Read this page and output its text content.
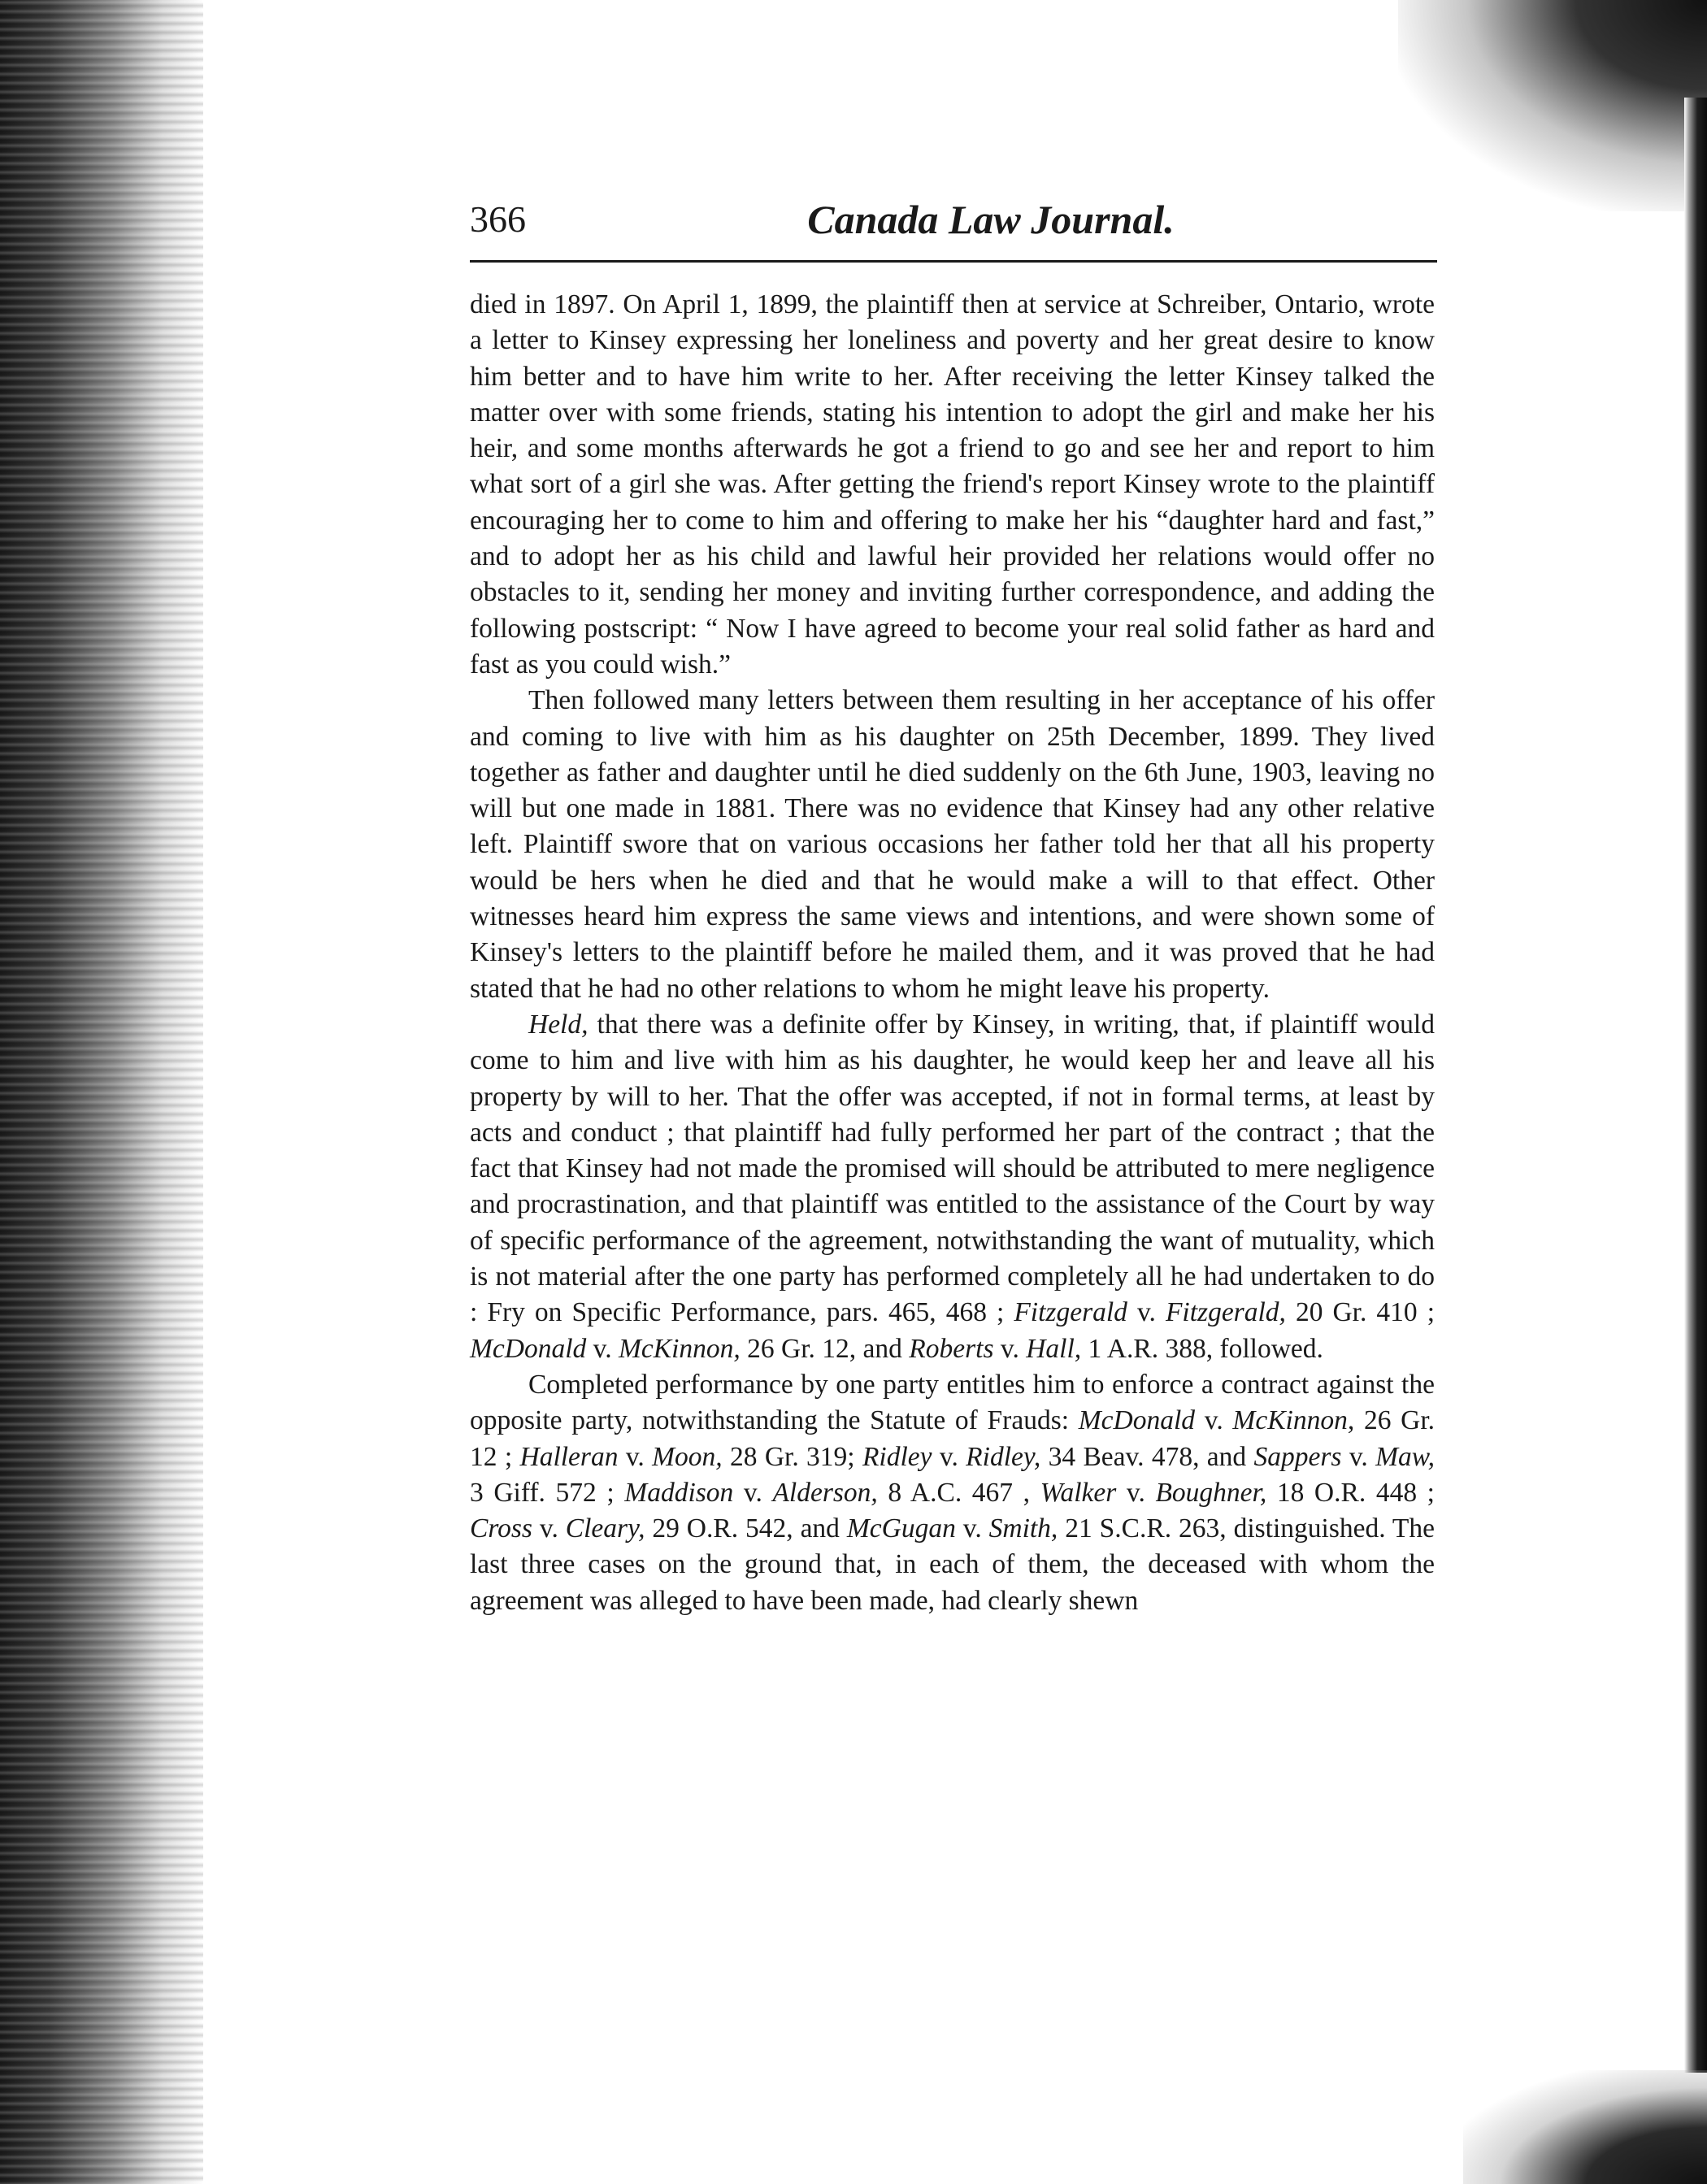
366	Canada Law Journal.

died in 1897. On April 1, 1899, the plaintiff then at service at Schreiber, Ontario, wrote a letter to Kinsey expressing her loneliness and poverty and her great desire to know him better and to have him write to her. After receiving the letter Kinsey talked the matter over with some friends, stating his intention to adopt the girl and make her his heir, and some months afterwards he got a friend to go and see her and report to him what sort of a girl she was. After getting the friend's report Kinsey wrote to the plaintiff encouraging her to come to him and offering to make her his “daughter hard and fast,” and to adopt her as his child and lawful heir provided her relations would offer no obstacles to it, sending her money and inviting further correspondence, and adding the following postscript: “ Now I have agreed to become your real solid father as hard and fast as you could wish.”

Then followed many letters between them resulting in her acceptance of his offer and coming to live with him as his daughter on 25th December, 1899. They lived together as father and daughter until he died suddenly on the 6th June, 1903, leaving no will but one made in 1881. There was no evidence that Kinsey had any other relative left. Plaintiff swore that on various occasions her father told her that all his property would be hers when he died and that he would make a will to that effect. Other witnesses heard him express the same views and intentions, and were shown some of Kinsey's letters to the plaintiff before he mailed them, and it was proved that he had stated that he had no other relations to whom he might leave his property.

Held, that there was a definite offer by Kinsey, in writing, that, if plaintiff would come to him and live with him as his daughter, he would keep her and leave all his property by will to her. That the offer was accepted, if not in formal terms, at least by acts and conduct ; that plaintiff had fully performed her part of the contract ; that the fact that Kinsey had not made the promised will should be attributed to mere negligence and procrastination, and that plaintiff was entitled to the assistance of the Court by way of specific performance of the agreement, notwithstanding the want of mutuality, which is not material after the one party has performed completely all he had undertaken to do : Fry on Specific Performance, pars. 465, 468 ; Fitzgerald v. Fitzgerald, 20 Gr. 410 ; McDonald v. McKinnon, 26 Gr. 12, and Roberts v. Hall, 1 A.R. 388, followed.

Completed performance by one party entitles him to enforce a contract against the opposite party, notwithstanding the Statute of Frauds: McDonald v. McKinnon, 26 Gr. 12 ; Halleran v. Moon, 28 Gr. 319; Ridley v. Ridley, 34 Beav. 478, and Sappers v. Maw, 3 Giff. 572 ; Maddison v. Alderson, 8 A.C. 467 , Walker v. Boughner, 18 O.R. 448 ; Cross v. Cleary, 29 O.R. 542, and McGugan v. Smith, 21 S.C.R. 263, distinguished. The last three cases on the ground that, in each of them, the deceased with whom the agreement was alleged to have been made, had clearly shewn
